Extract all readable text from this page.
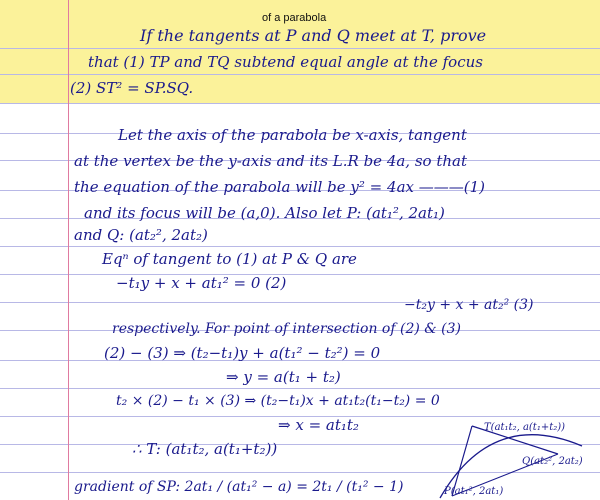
of a parabola
If the tangents at P and Q meet at T, prove
that (1) TP and TQ subtend equal angle at the focus
(2) ST² = SP.SQ.
Let the axis of the parabola be x-axis, tangent
at the vertex be the y-axis and its L.R be 4a, so that
the equation of the parabola will be y² = 4ax ———(1)
and its focus will be (a,0). Also let P: (at₁², 2at₁)
and Q: (at₂², 2at₂)
Eqⁿ of tangent to (1) at P & Q are
−t₁y + x + at₁² = 0 (2)
−t₂y + x + at₂² (3)
respectively. For point of intersection of (2) & (3)
(2) − (3) ⇒ (t₂−t₁)y + a(t₁² − t₂²) = 0
⇒ y = a(t₁ + t₂)
t₂ × (2) − t₁ × (3) ⇒ (t₂−t₁)x + at₁t₂(t₁−t₂) = 0
⇒ x = at₁t₂
∴ T: (at₁t₂, a(t₁+t₂))
gradient of SP: 2at₁ / (at₁² − a) = 2t₁ / (t₁² − 1)
T(at₁t₂, a(t₁+t₂))
Q(at₂², 2at₂)
P(at₁², 2at₁)
